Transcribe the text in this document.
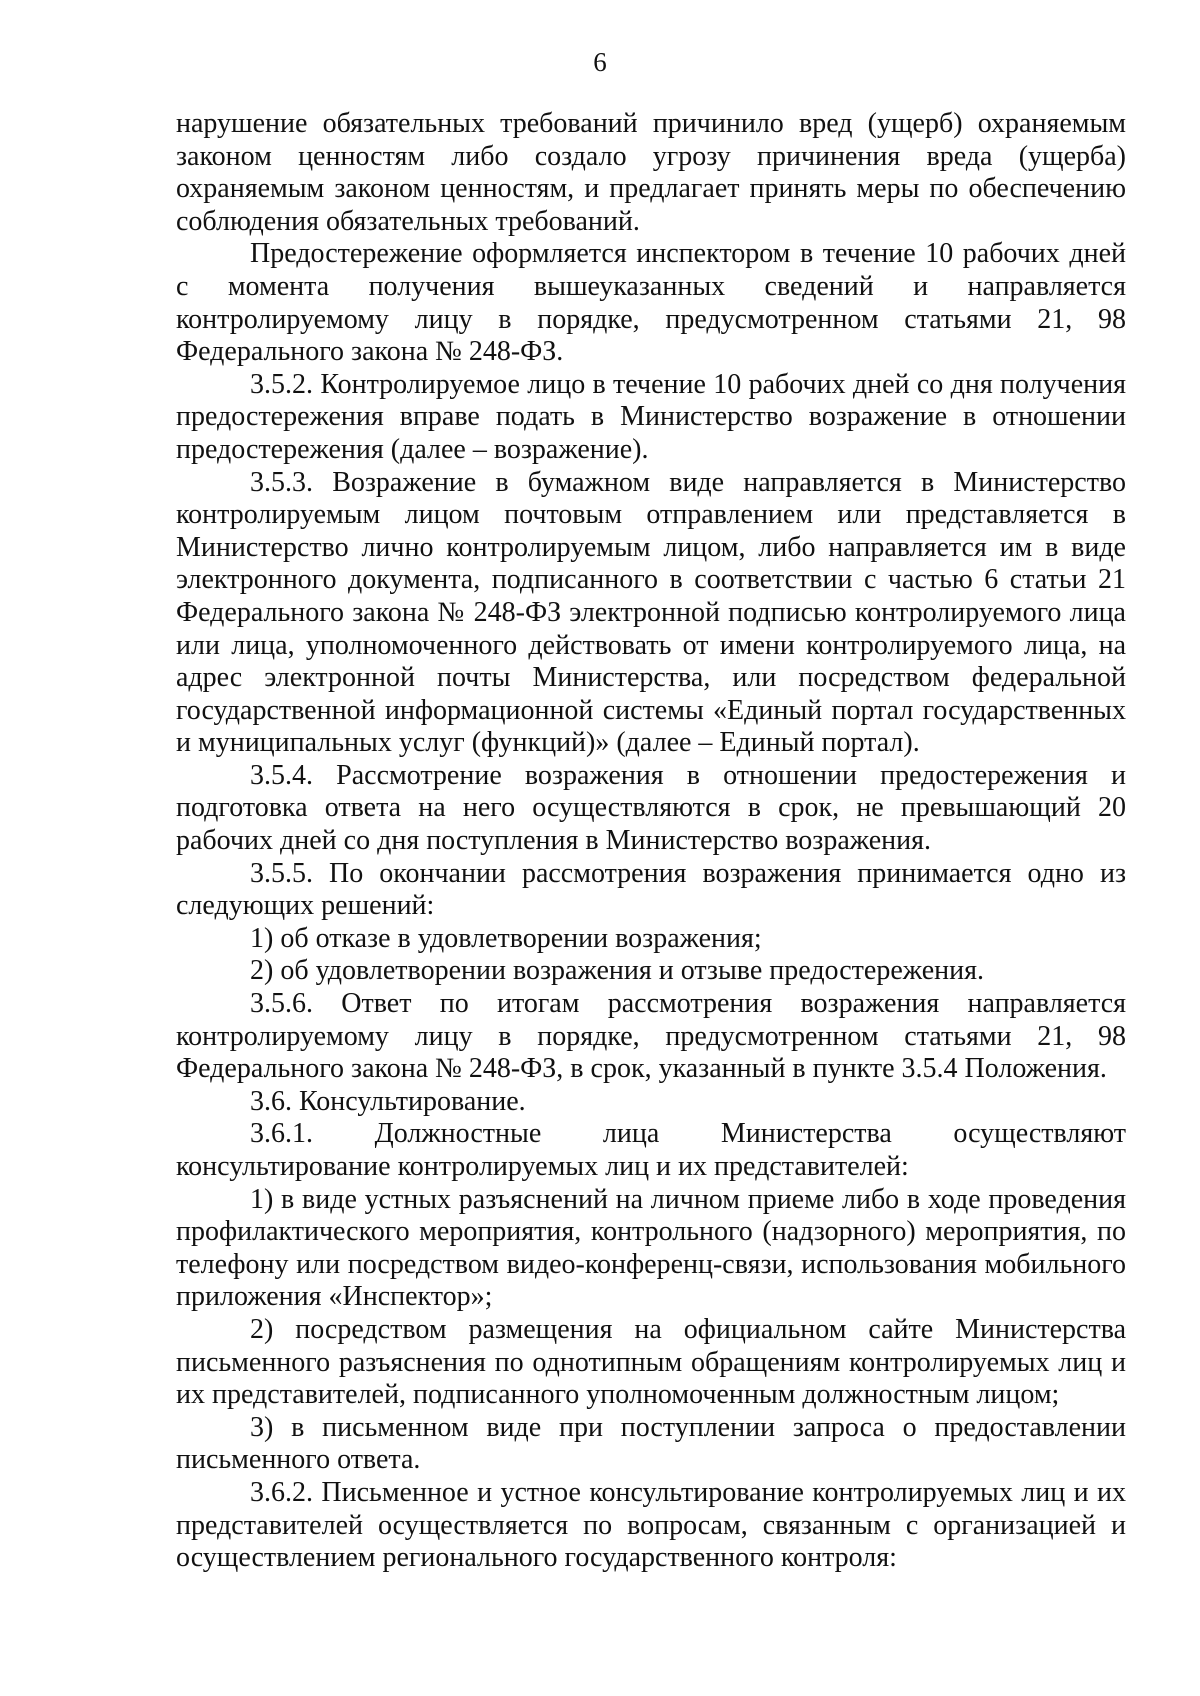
6

нарушение обязательных требований причинило вред (ущерб) охраняемым законом ценностям либо создало угрозу причинения вреда (ущерба) охраняемым законом ценностям, и предлагает принять меры по обеспечению соблюдения обязательных требований.

Предостережение оформляется инспектором в течение 10 рабочих дней с момента получения вышеуказанных сведений и направляется контролируемому лицу в порядке, предусмотренном статьями 21, 98 Федерального закона № 248-ФЗ.

3.5.2. Контролируемое лицо в течение 10 рабочих дней со дня получения предостережения вправе подать в Министерство возражение в отношении предостережения (далее – возражение).

3.5.3. Возражение в бумажном виде направляется в Министерство контролируемым лицом почтовым отправлением или представляется в Министерство лично контролируемым лицом, либо направляется им в виде электронного документа, подписанного в соответствии с частью 6 статьи 21 Федерального закона № 248-ФЗ электронной подписью контролируемого лица или лица, уполномоченного действовать от имени контролируемого лица, на адрес электронной почты Министерства, или посредством федеральной государственной информационной системы «Единый портал государственных и муниципальных услуг (функций)» (далее – Единый портал).

3.5.4. Рассмотрение возражения в отношении предостережения и подготовка ответа на него осуществляются в срок, не превышающий 20 рабочих дней со дня поступления в Министерство возражения.

3.5.5. По окончании рассмотрения возражения принимается одно из следующих решений:

1) об отказе в удовлетворении возражения;

2) об удовлетворении возражения и отзыве предостережения.

3.5.6. Ответ по итогам рассмотрения возражения направляется контролируемому лицу в порядке, предусмотренном статьями 21, 98 Федерального закона № 248-ФЗ, в срок, указанный в пункте 3.5.4 Положения.

3.6. Консультирование.

3.6.1. Должностные лица Министерства осуществляют консультирование контролируемых лиц и их представителей:

1) в виде устных разъяснений на личном приеме либо в ходе проведения профилактического мероприятия, контрольного (надзорного) мероприятия, по телефону или посредством видео-конференц-связи, использования мобильного приложения «Инспектор»;

2) посредством размещения на официальном сайте Министерства письменного разъяснения по однотипным обращениям контролируемых лиц и их представителей, подписанного уполномоченным должностным лицом;

3) в письменном виде при поступлении запроса о предоставлении письменного ответа.

3.6.2. Письменное и устное консультирование контролируемых лиц и их представителей осуществляется по вопросам, связанным с организацией и осуществлением регионального государственного контроля:
